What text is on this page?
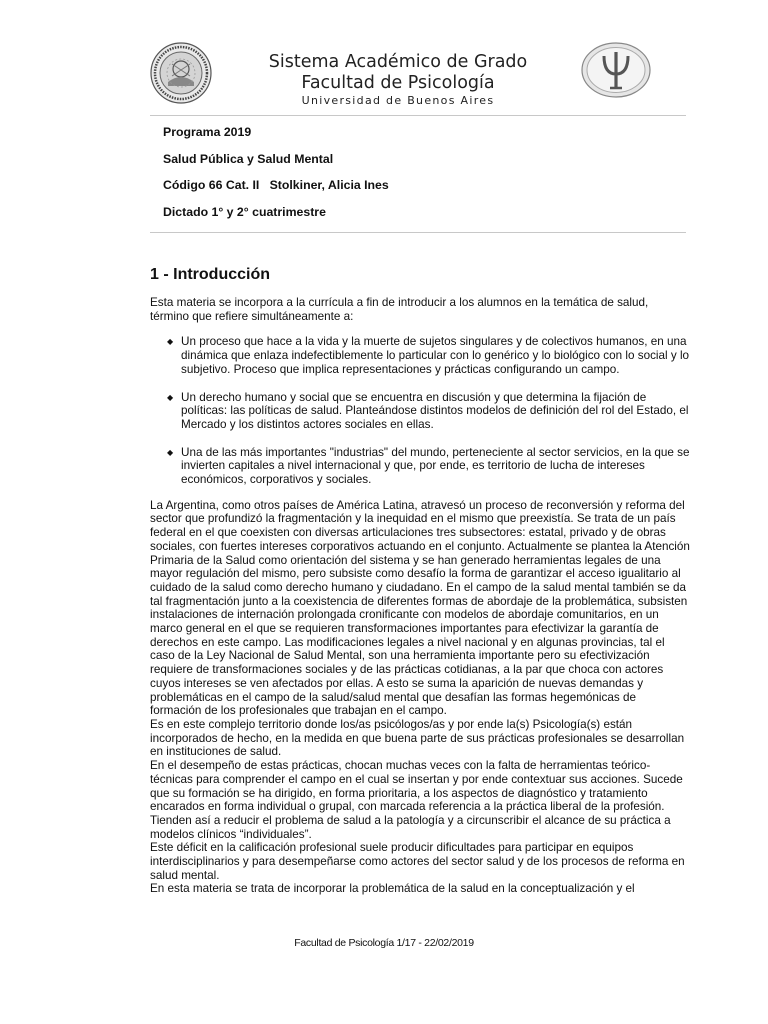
Sistema Académico de Grado
Facultad de Psicología
Universidad de Buenos Aires
Programa 2019
Salud Pública y Salud Mental
Código 66 Cat. II   Stolkiner, Alicia Ines
Dictado 1° y 2° cuatrimestre
1 - Introducción

Esta materia se incorpora a la currícula a fin de introducir a los alumnos en la temática de salud, término que refiere simultáneamente a:

◆ Un proceso que hace a la vida y la muerte de sujetos singulares y de colectivos humanos, en una dinámica que enlaza indefectiblemente lo particular con lo genérico y lo biológico con lo social y lo subjetivo. Proceso que implica representaciones y prácticas configurando un campo.
◆ Un derecho humano y social que se encuentra en discusión y que determina la fijación de políticas: las políticas de salud. Planteándose distintos modelos de definición del rol del Estado, el Mercado y los distintos actores sociales en ellas.
◆ Una de las más importantes "industrias" del mundo, perteneciente al sector servicios, en la que se invierten capitales a nivel internacional y que, por ende, es territorio de lucha de intereses económicos, corporativos y sociales.

La Argentina, como otros países de América Latina, atravesó un proceso de reconversión y reforma del sector que profundizó la fragmentación y la inequidad en el mismo que preexistía. Se trata de un país federal en el que coexisten con diversas articulaciones tres subsectores: estatal, privado y de obras sociales, con fuertes intereses corporativos actuando en el conjunto. Actualmente se plantea la Atención Primaria de la Salud como orientación del sistema y se han generado herramientas legales de una mayor regulación del mismo, pero subsiste como desafío la forma de garantizar el acceso igualitario al cuidado de la salud como derecho humano y ciudadano. En el campo de la salud mental también se da tal fragmentación junto a la coexistencia de diferentes formas de abordaje de la problemática, subsisten instalaciones de internación prolongada cronificante con modelos de abordaje comunitarios, en un marco general en el que se requieren transformaciones importantes para efectivizar la garantía de derechos en este campo. Las modificaciones legales a nivel nacional y en algunas provincias, tal el caso de la Ley Nacional de Salud Mental, son una herramienta importante pero su efectivización requiere de transformaciones sociales y de las prácticas cotidianas, a la par que choca con actores cuyos intereses se ven afectados por ellas. A esto se suma la aparición de nuevas demandas y problemáticas en el campo de la salud/salud mental que desafían las formas hegemónicas de formación de los profesionales que trabajan en el campo.

Es en este complejo territorio donde los/as psicólogos/as y por ende la(s) Psicología(s) están incorporados de hecho, en la medida en que buena parte de sus prácticas profesionales se desarrollan en instituciones de salud.

En el desempeño de estas prácticas, chocan muchas veces con la falta de herramientas teórico-técnicas para comprender el campo en el cual se insertan y por ende contextuar sus acciones. Sucede que su formación se ha dirigido, en forma prioritaria, a los aspectos de diagnóstico y tratamiento encarados en forma individual o grupal, con marcada referencia a la práctica liberal de la profesión. Tienden así a reducir el problema de salud a la patología y a circunscribir el alcance de su práctica a modelos clínicos “individuales”.

Este déficit en la calificación profesional suele producir dificultades para participar en equipos interdisciplinarios y para desempeñarse como actores del sector salud y de los procesos de reforma en salud mental.

En esta materia se trata de incorporar la problemática de la salud en la conceptualización y el

Facultad de Psicología 1/17 - 22/02/2019
